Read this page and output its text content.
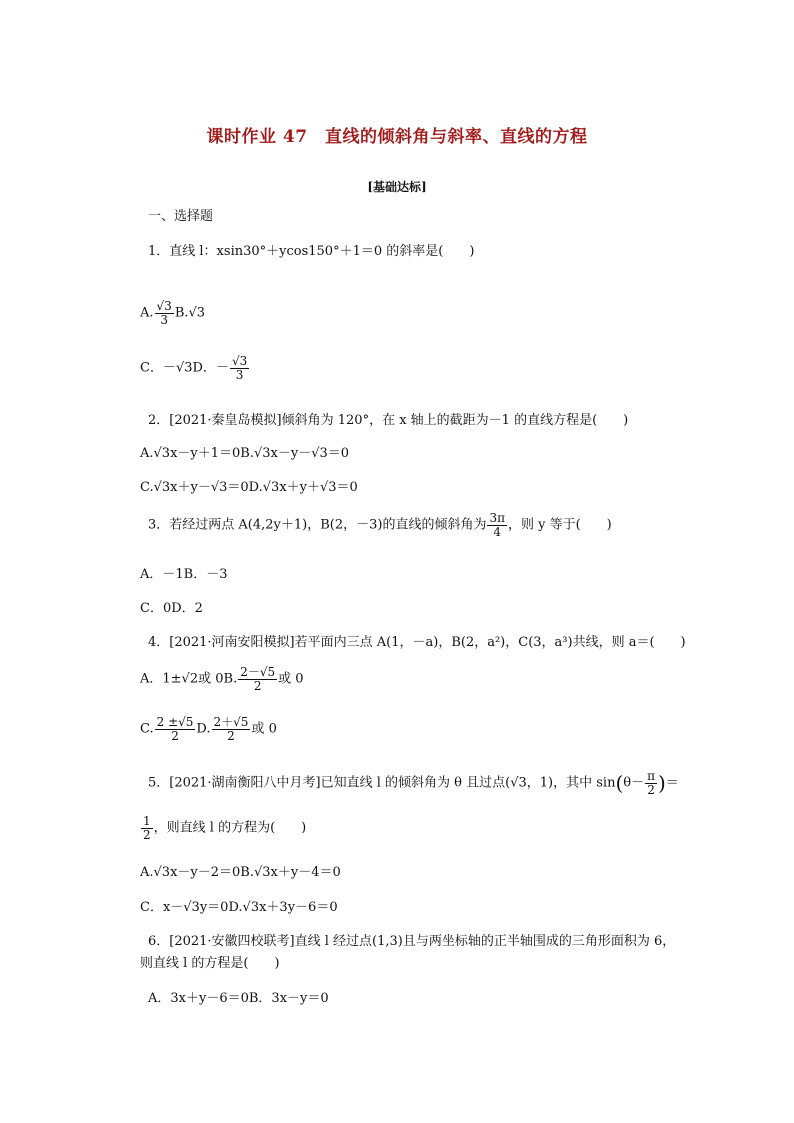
课时作业 47　直线的倾斜角与斜率、直线的方程
[基础达标]
一、选择题
1．直线 l：xsin30°＋ycos150°＋1＝0 的斜率是(　　)
A. $\frac{√3}{3} B.√3$
C．－√3D．－ $\frac{√3}{3}$
2．[2021·秦皇岛模拟]倾斜角为 120°，在 x 轴上的截距为－1 的直线方程是(　　)
A.√3x－y＋1＝0B.√3x－y－√3＝0
C.√3x＋y－√3＝0D.√3x＋y＋√3＝0
3．若经过两点 A(4,2y＋1)，B(2，－3)的直线的倾斜角为 $\frac{3\pi}{4}$ ，则 y 等于(　　)
A．－1B．－3
C．0D．2
4．[2021·河南安阳模拟]若平面内三点 A(1，－a)，B(2，a²)，C(3，a³)共线，则 a＝(　　)
A．1±√2或 0B. $\frac{2-√5}{2}$ 或 0
C. $\frac{2 \pm√5}{2} D$. $\frac{2+√5}{2}$ 或 0
5．[2021·湖南衡阳八中月考]已知直线 l 的倾斜角为 θ 且过点(√3，1)，其中 $\sin(\theta- \frac{\pi}{2}$ )＝
$\frac{1}{2}$ ，则直线 l 的方程为(　　)
A.√3x－y－2＝0B.√3x＋y－4＝0
C．x－√3y＝0D.√3x＋3y－6＝0
6．[2021·安徽四校联考]直线 l 经过点(1,3)且与两坐标轴的正半轴围成的三角形面积为 6，
则直线 l 的方程是(　　)
A．3x＋y－6＝0B．3x－y＝0
